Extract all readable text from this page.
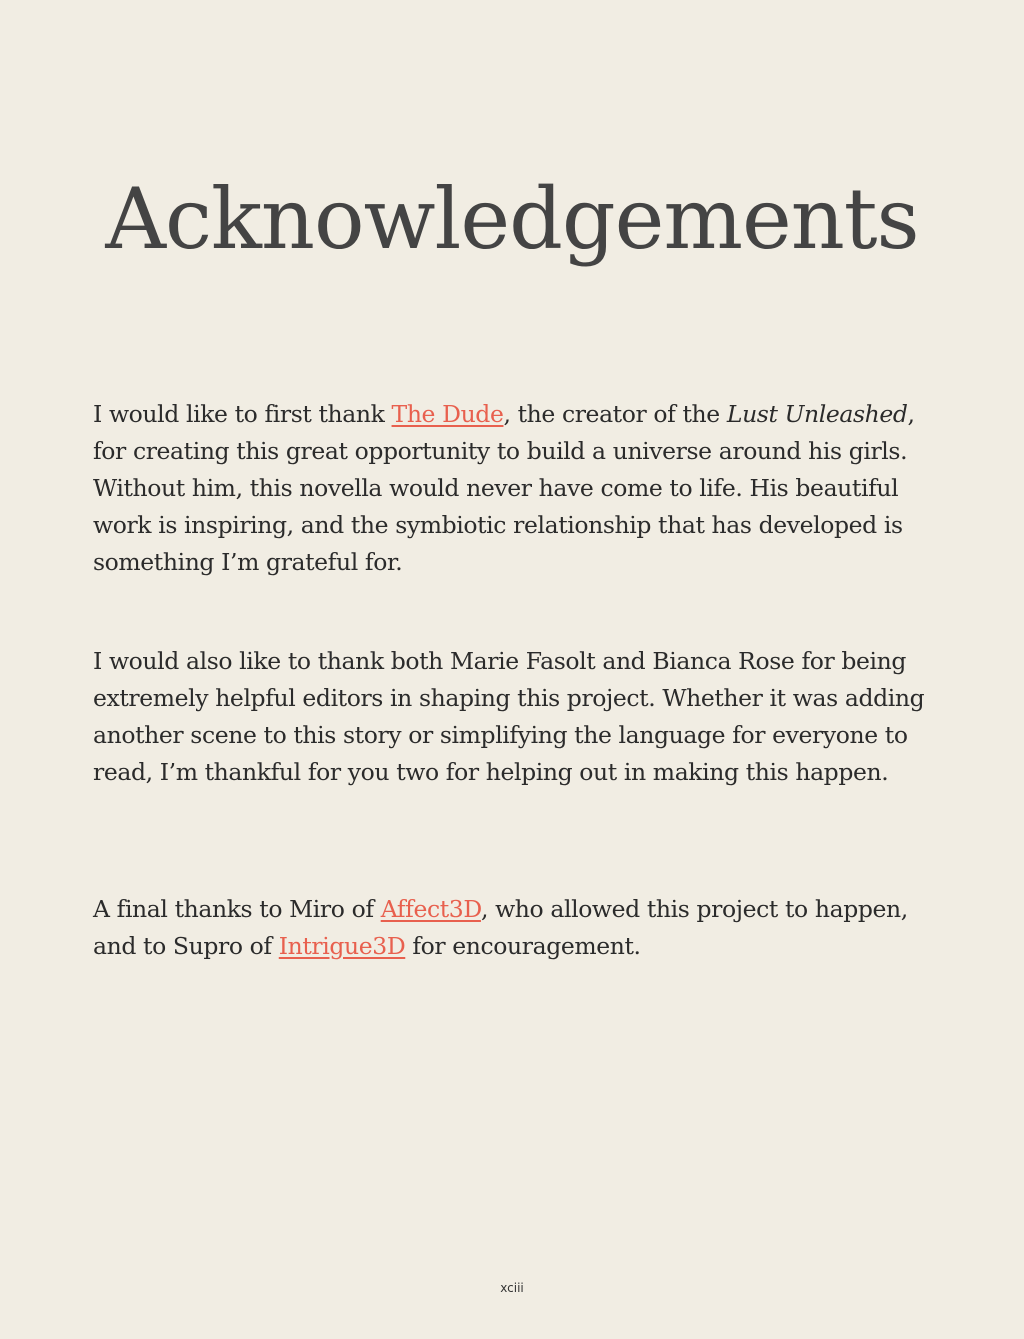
Acknowledgements

I would like to first thank The Dude, the creator of the Lust Unleashed, for creating this great opportunity to build a universe around his girls. Without him, this novella would never have come to life. His beautiful work is inspiring, and the symbiotic relationship that has developed is something I’m grateful for.

I would also like to thank both Marie Fasolt and Bianca Rose for being extremely helpful editors in shaping this project. Whether it was adding another scene to this story or simplifying the language for everyone to read, I’m thankful for you two for helping out in making this happen.

A final thanks to Miro of Affect3D, who allowed this project to happen, and to Supro of Intrigue3D for encouragement.

xciii
